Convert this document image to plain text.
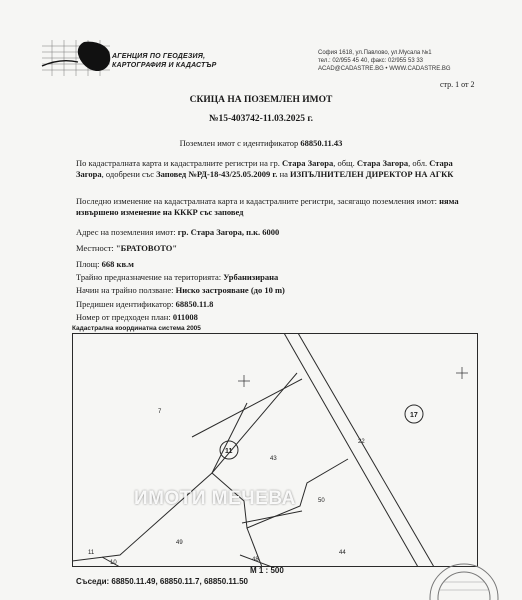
АГЕНЦИЯ ПО ГЕОДЕЗИЯ,
КАРТОГРАФИЯ И КАДАСТЪР
София 1618, ул.Павлово, ул.Мусала №1
тел.: 02/955 45 40, факс: 02/955 53 33
ACAD@CADASTRE.BG • WWW.CADASTRE.BG
стр. 1 от 2
СКИЦА НА ПОЗЕМЛЕН ИМОТ
№15-403742-11.03.2025 г.
Поземлен имот с идентификатор 68850.11.43
По кадастралната карта и кадастралните регистри на гр. Стара Загора, общ. Стара Загора, обл. Стара Загора, одобрени със Заповед №РД-18-43/25.05.2009 г. на ИЗПЪЛНИТЕЛЕН ДИРЕКТОР НА АГКК
Последно изменение на кадастралната карта и кадастралните регистри, засягащо поземления имот: няма извършено изменение на КККР със заповед
Адрес на поземления имот: гр. Стара Загора, п.к. 6000
Местност: "БРАТОВОТО"
Площ: 668 кв.м
Трайно предназначение на територията: Урбанизирана
Начин на трайно ползване: Ниско застрояване (до 10 m)
Предишен идентификатор: 68850.11.8
Номер от предходен план: 011008
Кадастрална координатна система 2005
7
43
22
50
49
44
11
10	48
11
17
ИМОТИ МЕЧЕВА
М 1 : 500
Съседи: 68850.11.49, 68850.11.7, 68850.11.50
